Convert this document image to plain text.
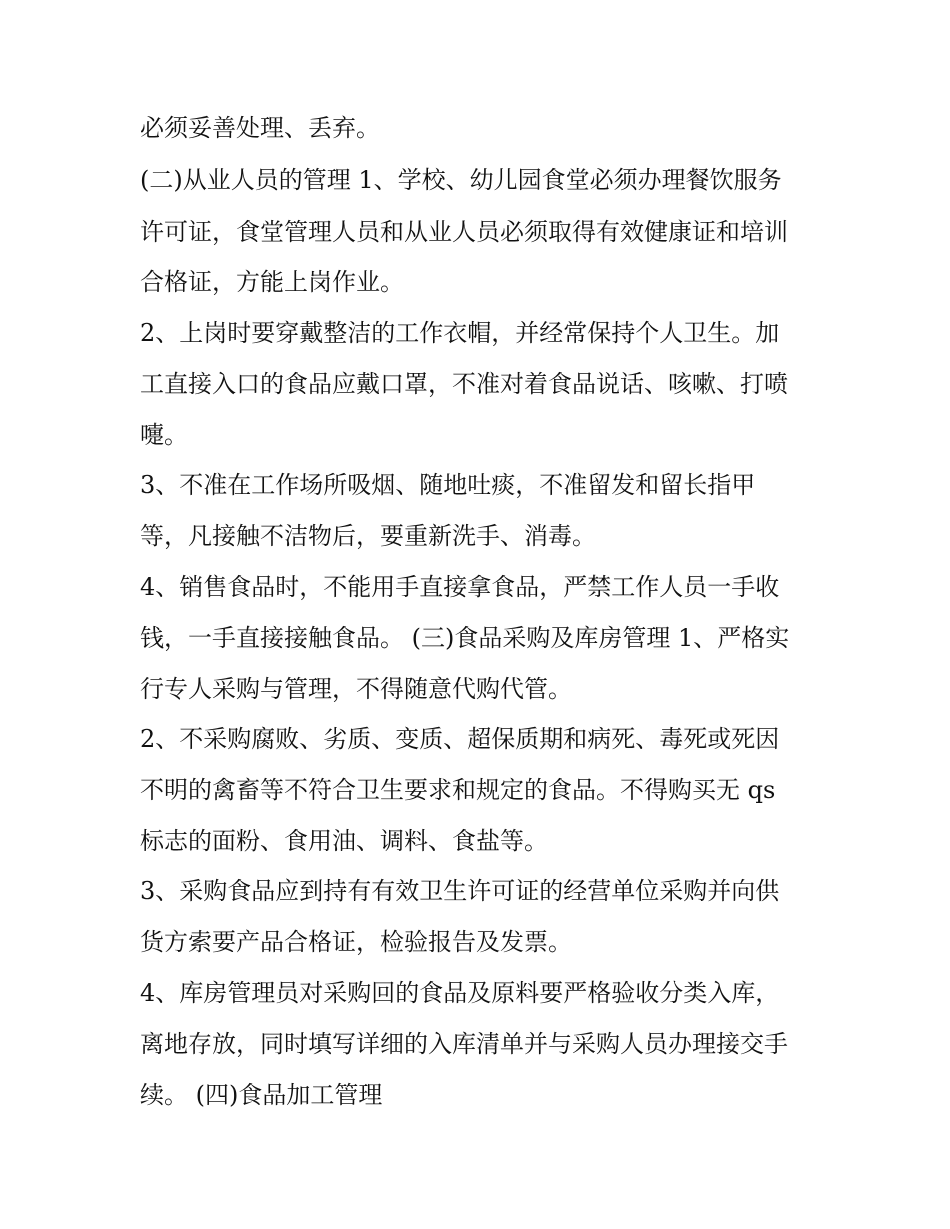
必须妥善处理、丢弃。
(二)从业人员的管理 1、学校、幼儿园食堂必须办理餐饮服务
许可证，食堂管理人员和从业人员必须取得有效健康证和培训
合格证，方能上岗作业。
2、上岗时要穿戴整洁的工作衣帽，并经常保持个人卫生。加
工直接入口的食品应戴口罩，不准对着食品说话、咳嗽、打喷
嚏。
3、不准在工作场所吸烟、随地吐痰，不准留发和留长指甲
等，凡接触不洁物后，要重新洗手、消毒。
4、销售食品时，不能用手直接拿食品，严禁工作人员一手收
钱，一手直接接触食品。 (三)食品采购及库房管理 1、严格实
行专人采购与管理，不得随意代购代管。
2、不采购腐败、劣质、变质、超保质期和病死、毒死或死因
不明的禽畜等不符合卫生要求和规定的食品。不得购买无 qs
标志的面粉、食用油、调料、食盐等。
3、采购食品应到持有有效卫生许可证的经营单位采购并向供
货方索要产品合格证，检验报告及发票。
4、库房管理员对采购回的食品及原料要严格验收分类入库，
离地存放，同时填写详细的入库清单并与采购人员办理接交手
续。 (四)食品加工管理
